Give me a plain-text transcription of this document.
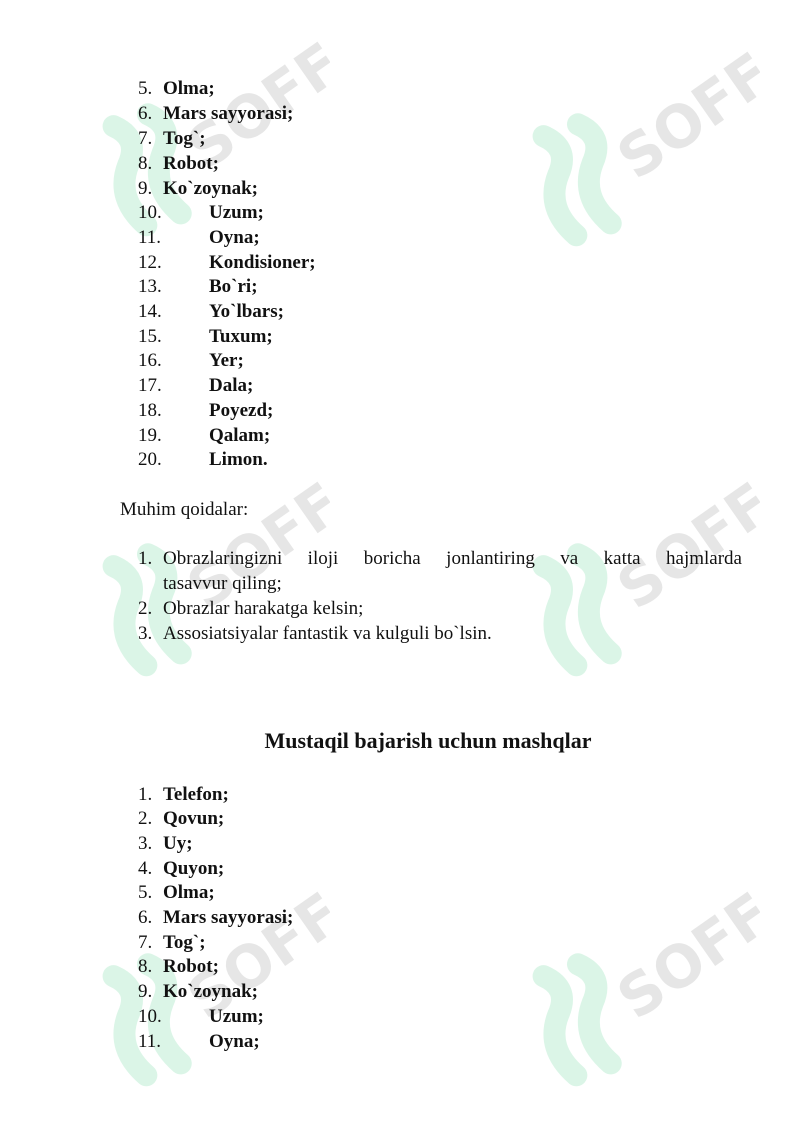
SOFF	SOFF
SOFF	SOFF
SOFF	SOFF
5. Olma;
6. Mars sayyorasi;
7. Tog`;
8. Robot;
9. Ko`zoynak;
10. Uzum;
11.	Oyna;
12. Kondisioner;
13. Bo`ri;
14. Yo`lbars;
15. Tuxum;
16. Yer;
17. Dala;
18. Poyezd;
19. Qalam;
20. Limon.
Muhim qoidalar:
1. Obrazlaringizni iloji boricha jonlantiring va katta hajmlarda
tasavvur qiling;
2. Obrazlar harakatga kelsin;
3. Assosiatsiyalar fantastik va kulguli bo`lsin.
Mustaqil bajarish uchun mashqlar
1. Telefon;
2. Qovun;
3. Uy;
4. Quyon;
5. Olma;
6. Mars sayyorasi;
7. Tog`;
8. Robot;
9. Ko`zoynak;
10. Uzum;
11.	Oyna;
